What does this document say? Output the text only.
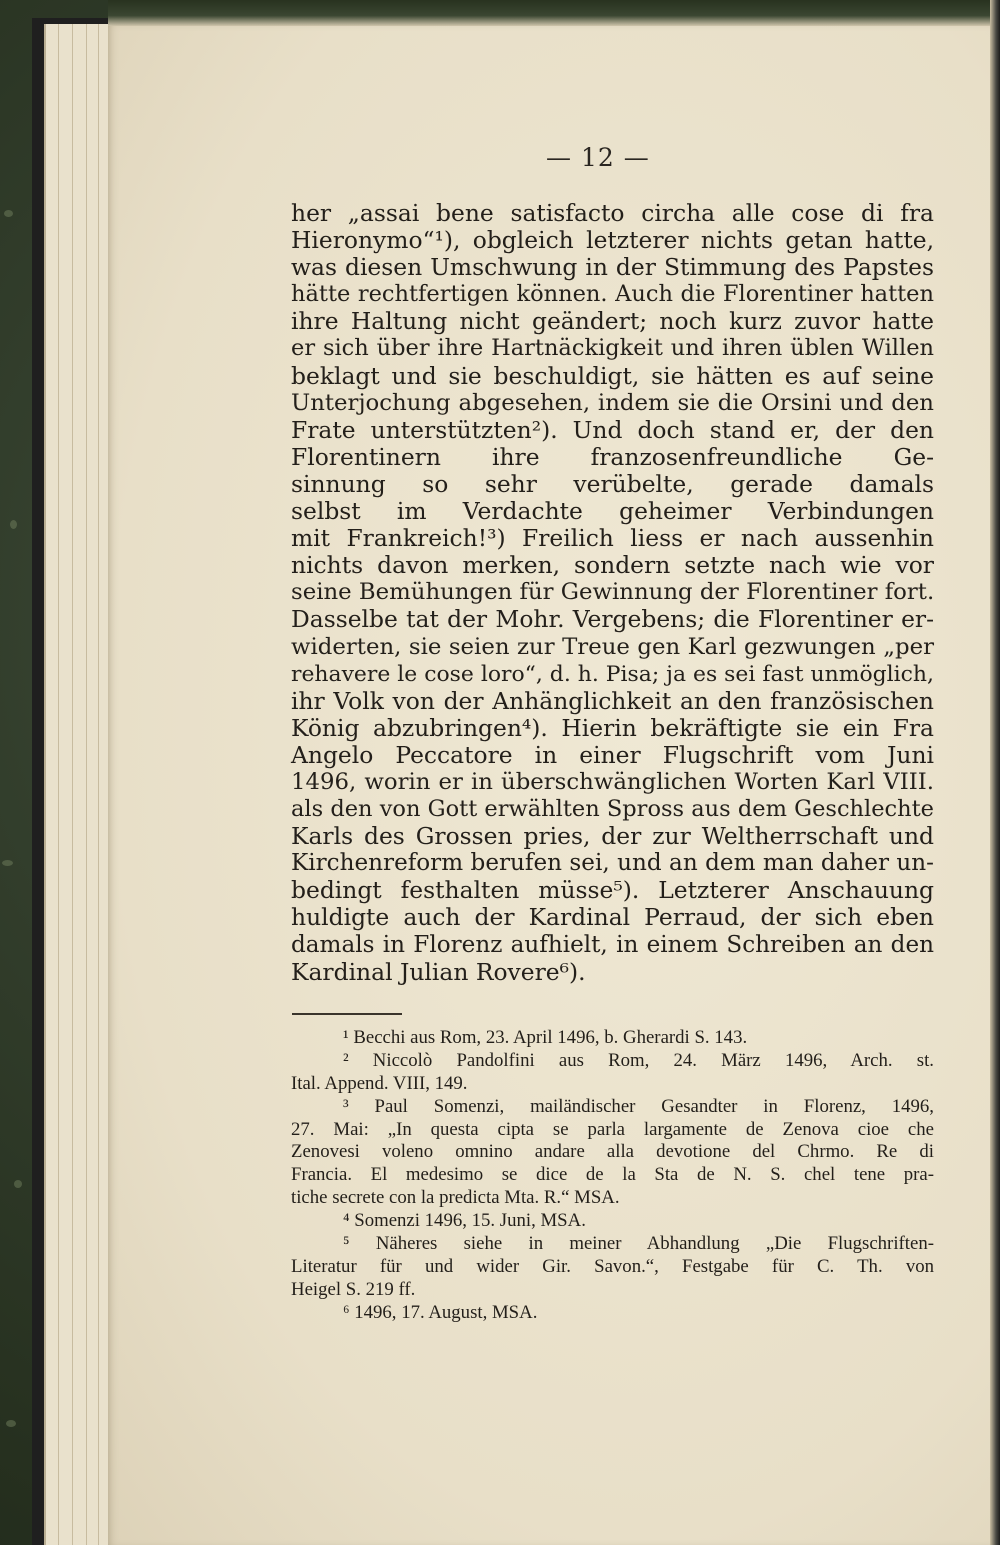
— 12 —
her „assai bene satisfacto circha alle cose di fra
Hieronymo“¹), obgleich letzterer nichts getan hatte,
was diesen Umschwung in der Stimmung des Papstes
hätte rechtfertigen können. Auch die Florentiner hatten
ihre Haltung nicht geändert; noch kurz zuvor hatte
er sich über ihre Hartnäckigkeit und ihren üblen Willen
beklagt und sie beschuldigt, sie hätten es auf seine
Unterjochung abgesehen, indem sie die Orsini und den
Frate unterstützten²). Und doch stand er, der den
Florentinern ihre franzosenfreundliche Ge-
sinnung so sehr verübelte, gerade damals
selbst im Verdachte geheimer Verbindungen
mit Frankreich!³) Freilich liess er nach aussenhin
nichts davon merken, sondern setzte nach wie vor
seine Bemühungen für Gewinnung der Florentiner fort.
Dasselbe tat der Mohr. Vergebens; die Florentiner er-
widerten, sie seien zur Treue gen Karl gezwungen „per
rehavere le cose loro“, d. h. Pisa; ja es sei fast unmöglich,
ihr Volk von der Anhänglichkeit an den französischen
König abzubringen⁴). Hierin bekräftigte sie ein Fra
Angelo Peccatore in einer Flugschrift vom Juni
1496, worin er in überschwänglichen Worten Karl VIII.
als den von Gott erwählten Spross aus dem Geschlechte
Karls des Grossen pries, der zur Weltherrschaft und
Kirchenreform berufen sei, und an dem man daher un-
bedingt festhalten müsse⁵). Letzterer Anschauung
huldigte auch der Kardinal Perraud, der sich eben
damals in Florenz aufhielt, in einem Schreiben an den
Kardinal Julian Rovere⁶).
¹ Becchi aus Rom, 23. April 1496, b. Gherardi S. 143.
² Niccolò Pandolfini aus Rom, 24. März 1496, Arch. st.
Ital. Append. VIII, 149.
³ Paul Somenzi, mailändischer Gesandter in Florenz, 1496,
27. Mai: „In questa cipta se parla largamente de Zenova cioe che
Zenovesi voleno omnino andare alla devotione del Chrmo. Re di
Francia. El medesimo se dice de la Sta de N. S. chel tene pra-
tiche secrete con la predicta Mta. R.“ MSA.
⁴ Somenzi 1496, 15. Juni, MSA.
⁵ Näheres siehe in meiner Abhandlung „Die Flugschriften-
Literatur für und wider Gir. Savon.“, Festgabe für C. Th. von
Heigel S. 219 ff.
⁶ 1496, 17. August, MSA.
